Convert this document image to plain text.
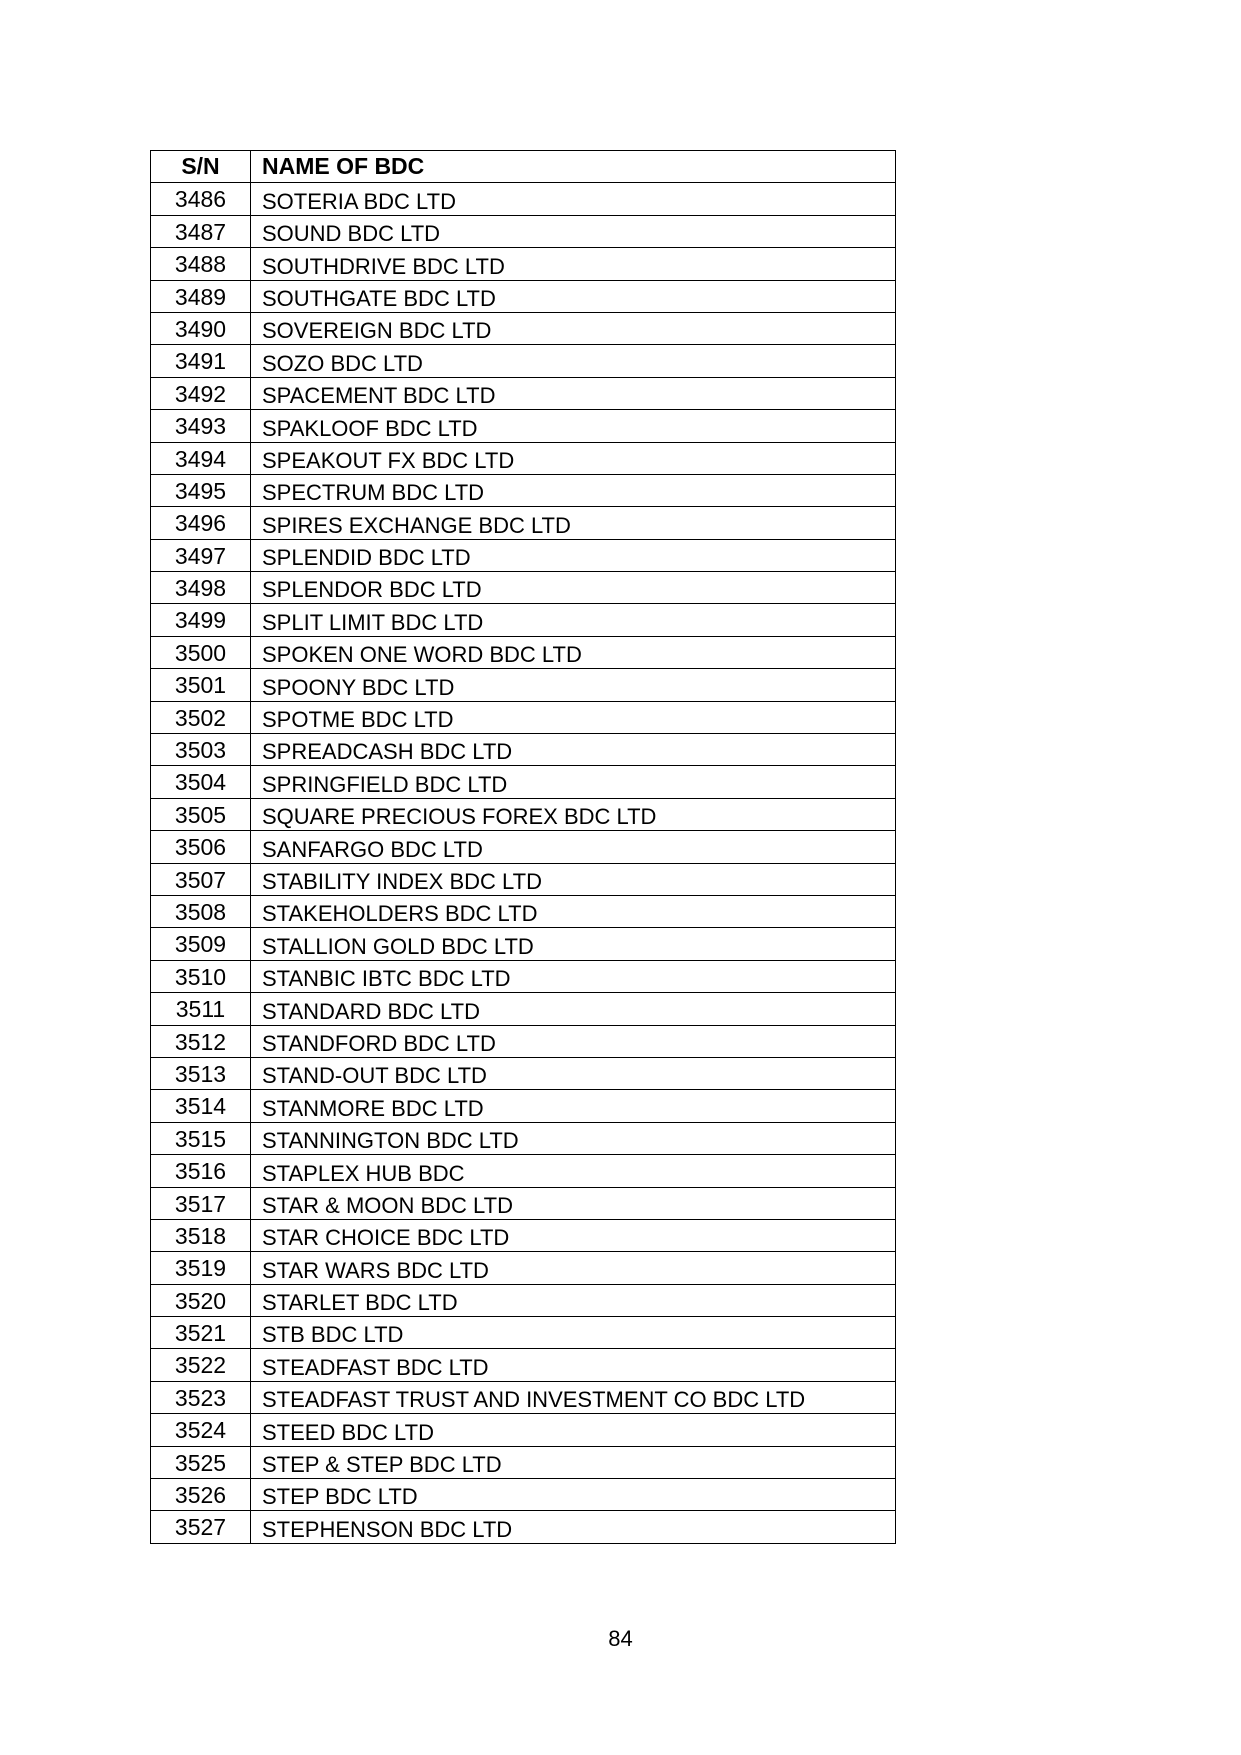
S/N	NAME OF BDC
3486	SOTERIA BDC LTD
3487	SOUND BDC LTD
3488	SOUTHDRIVE BDC LTD
3489	SOUTHGATE BDC LTD
3490	SOVEREIGN BDC LTD
3491	SOZO BDC LTD
3492	SPACEMENT BDC LTD
3493	SPAKLOOF BDC LTD
3494	SPEAKOUT FX BDC LTD
3495	SPECTRUM BDC LTD
3496	SPIRES EXCHANGE BDC LTD
3497	SPLENDID BDC LTD
3498	SPLENDOR BDC LTD
3499	SPLIT LIMIT BDC LTD
3500	SPOKEN ONE WORD BDC LTD
3501	SPOONY BDC LTD
3502	SPOTME BDC LTD
3503	SPREADCASH BDC LTD
3504	SPRINGFIELD BDC LTD
3505	SQUARE PRECIOUS FOREX BDC LTD
3506	SANFARGO BDC LTD
3507	STABILITY INDEX BDC LTD
3508	STAKEHOLDERS BDC LTD
3509	STALLION GOLD BDC LTD
3510	STANBIC IBTC BDC LTD
3511	STANDARD BDC LTD
3512	STANDFORD BDC LTD
3513	STAND-OUT BDC LTD
3514	STANMORE BDC LTD
3515	STANNINGTON BDC LTD
3516	STAPLEX HUB BDC
3517	STAR & MOON BDC LTD
3518	STAR CHOICE BDC LTD
3519	STAR WARS BDC LTD
3520	STARLET BDC LTD
3521	STB BDC LTD
3522	STEADFAST BDC LTD
3523	STEADFAST TRUST AND INVESTMENT CO BDC LTD
3524	STEED BDC LTD
3525	STEP & STEP BDC LTD
3526	STEP BDC LTD
3527	STEPHENSON BDC LTD
84
